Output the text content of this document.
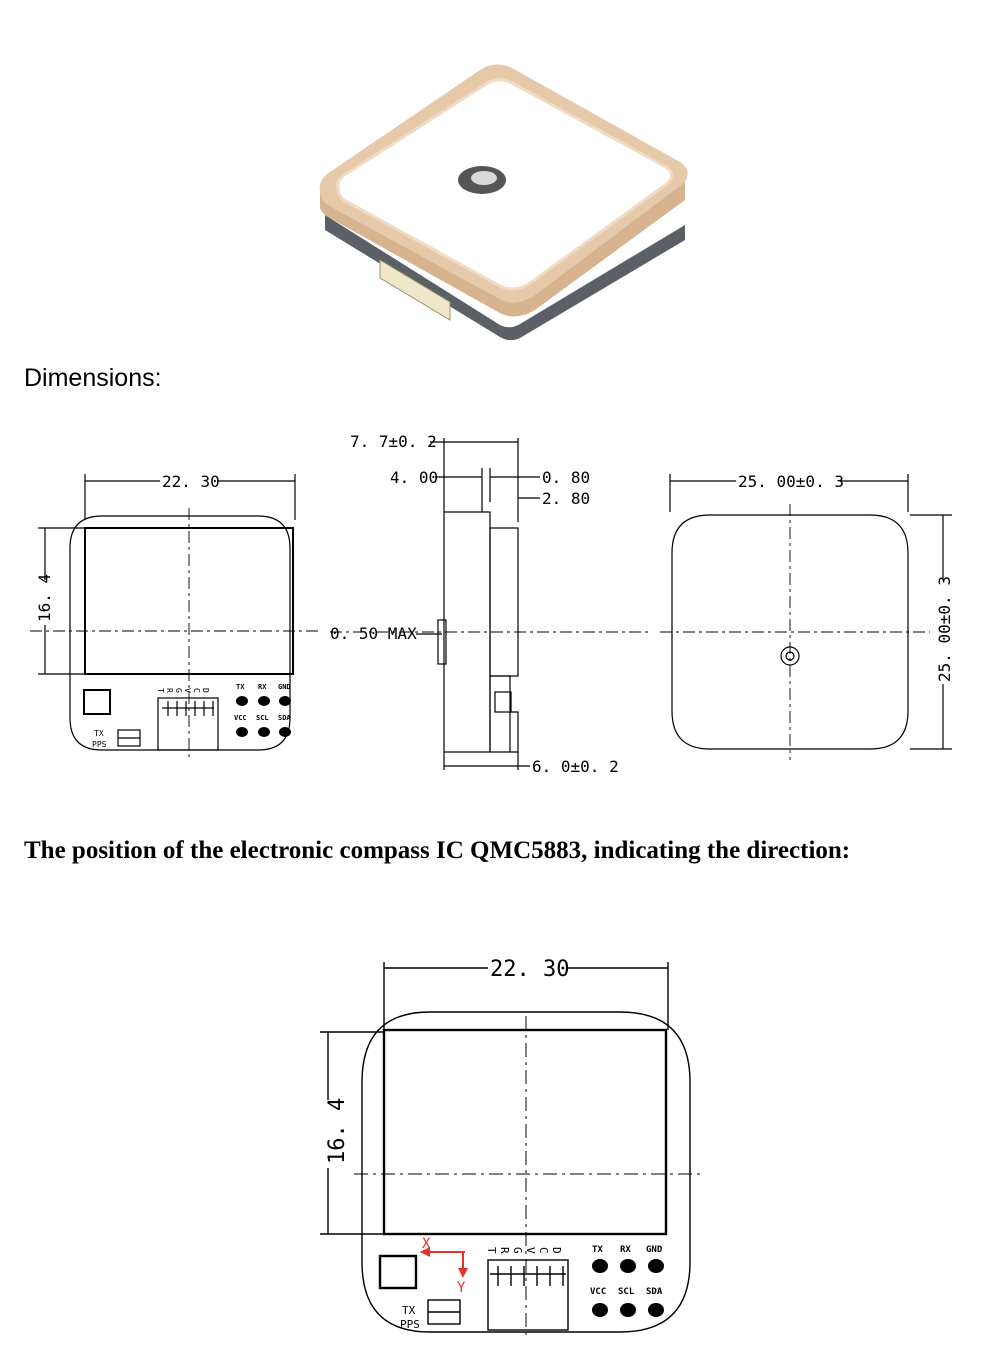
Dimensions:
22. 30
16. 4
TX
PPS
T R G V C D	TX RX GND
VCC SCL SDA
7. 7±0. 2
4. 00	0. 80
2. 80
0. 50 MAX
6. 0±0. 2
25. 00±0. 3
25. 00±0. 3
The position of the electronic compass IC QMC5883, indicating the direction:
22. 30
16. 4
X
Y
TX
PPS
T R G V C D	TX RX GND
VCC SCL SDA
